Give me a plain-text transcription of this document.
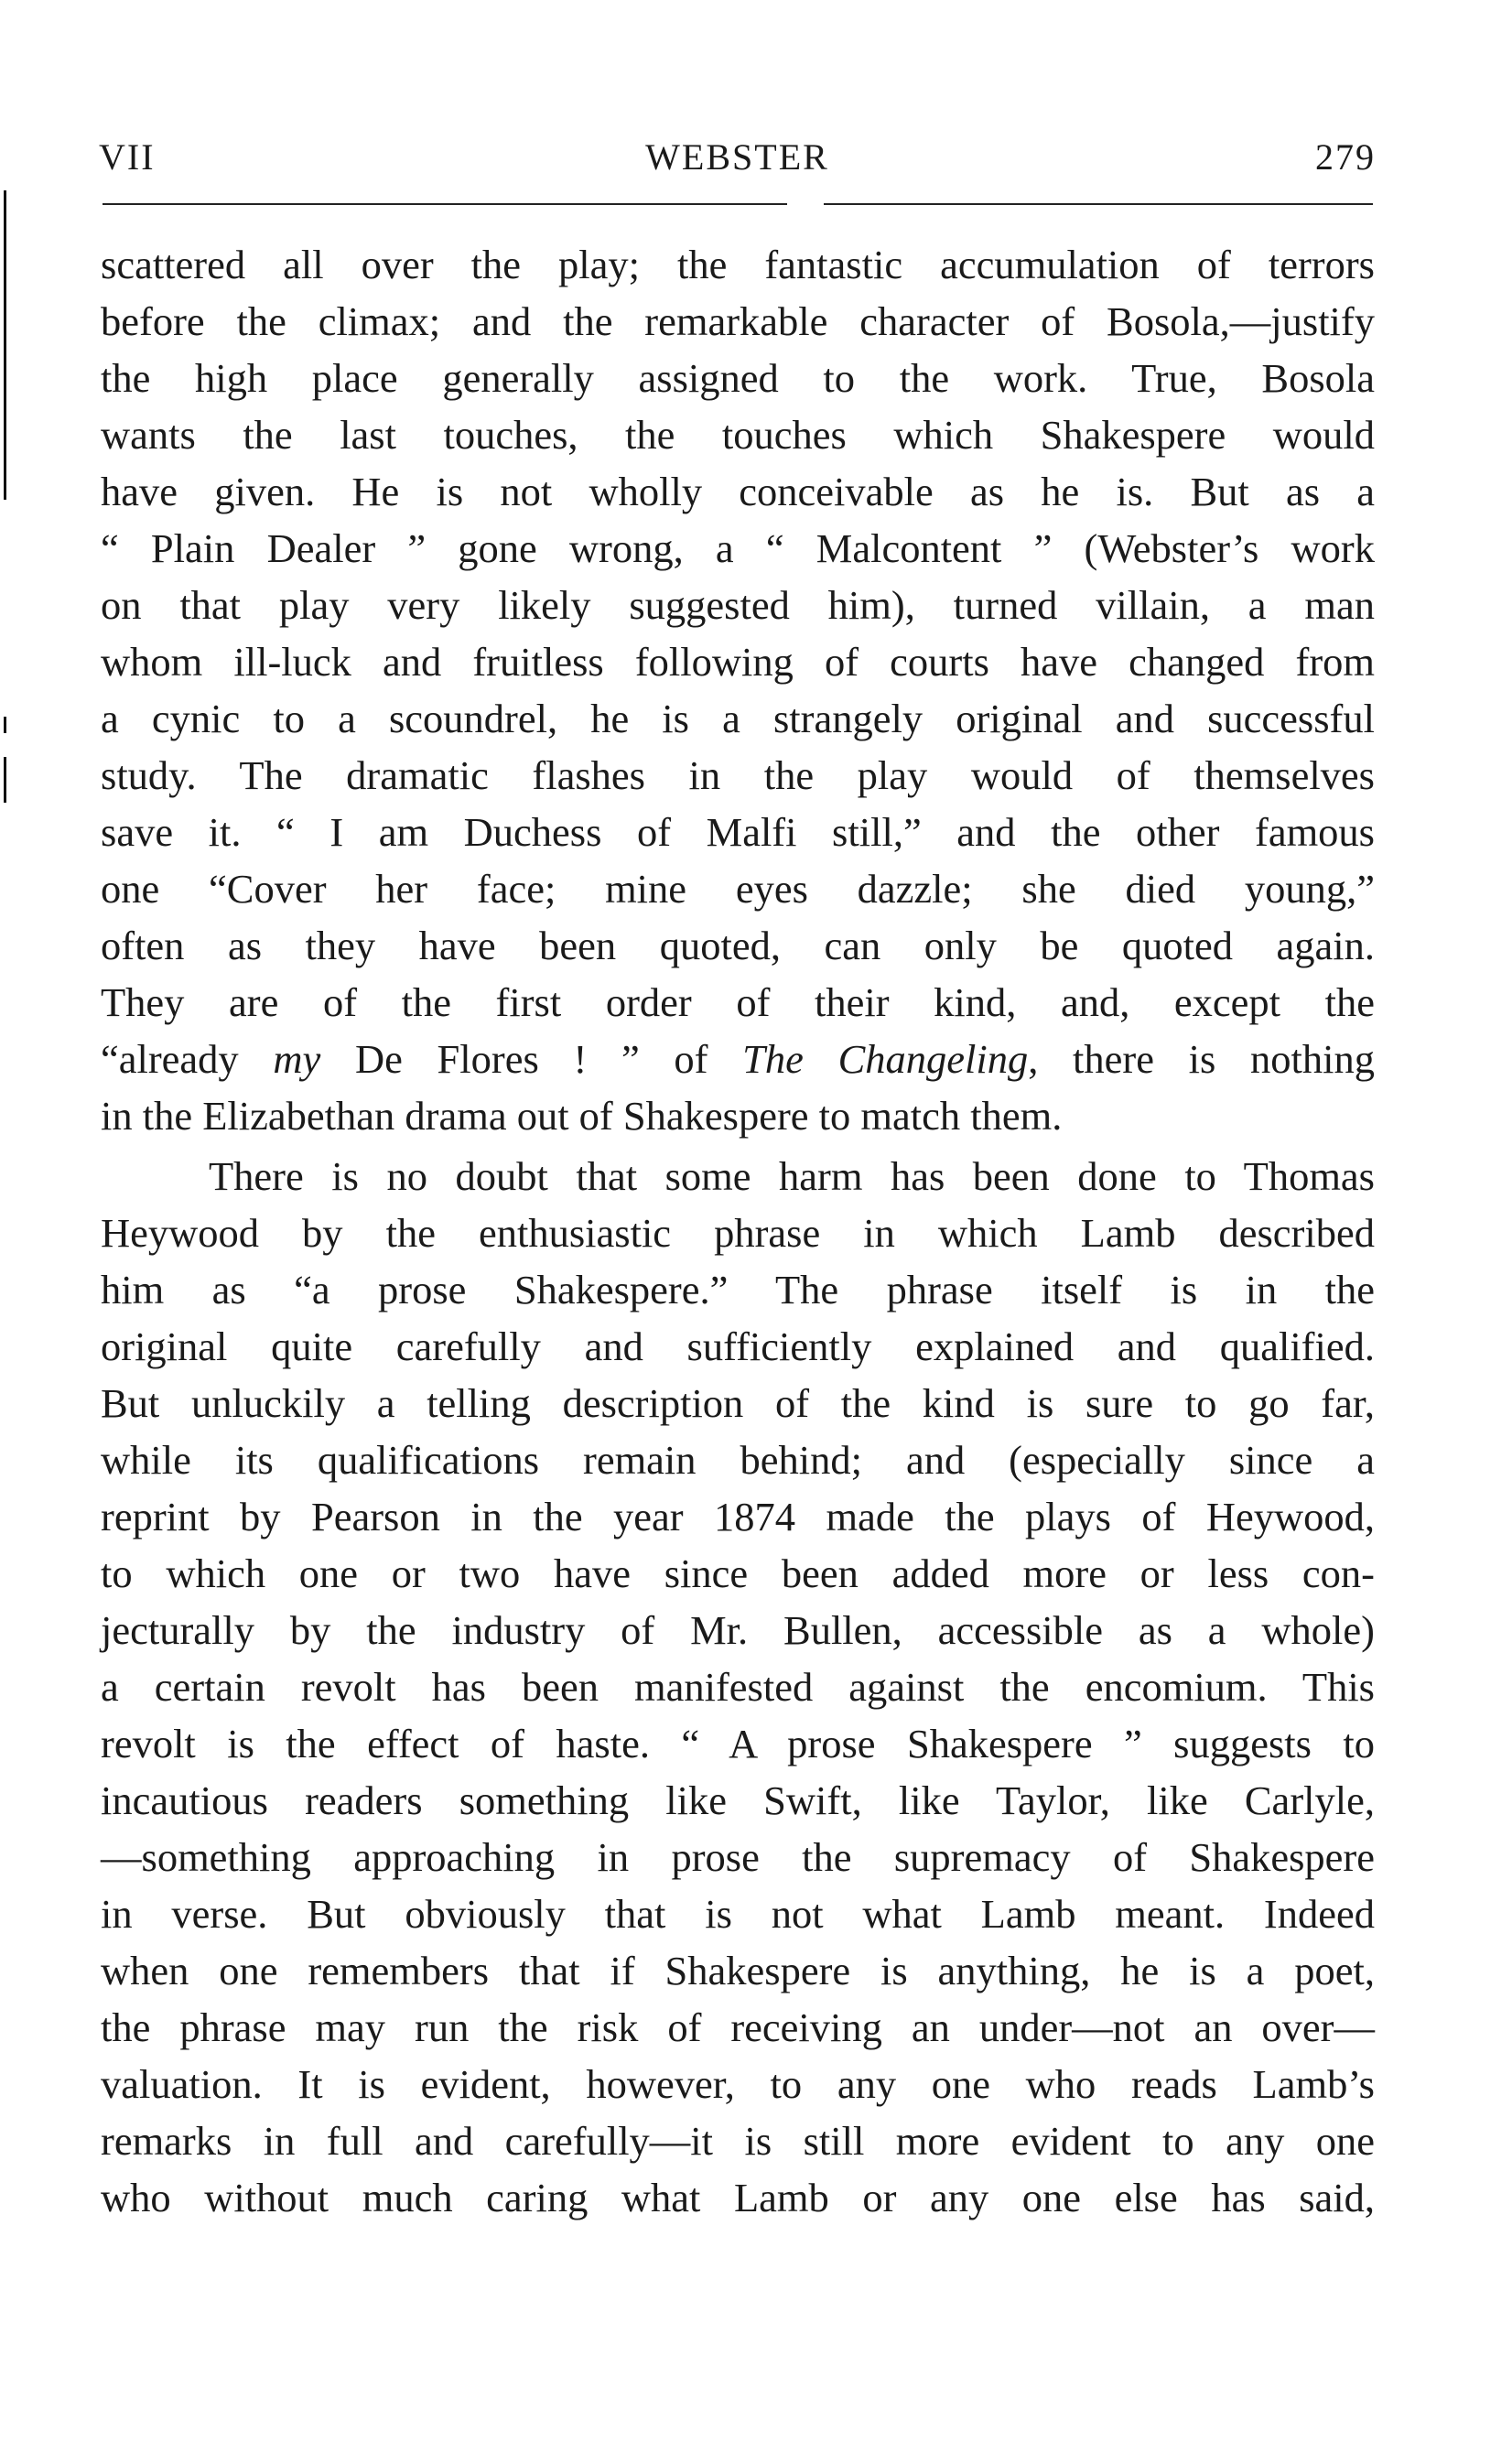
VII	WEBSTER	279
scattered all over the play; the fantastic accumulation of terrors
before the climax; and the remarkable character of Bosola,—justify
the high place generally assigned to the work. True, Bosola
wants the last touches, the touches which Shakespere would
have given. He is not wholly conceivable as he is. But as a
“ Plain Dealer ” gone wrong, a “ Malcontent ” (Webster’s work
on that play very likely suggested him), turned villain, a man
whom ill-luck and fruitless following of courts have changed from
a cynic to a scoundrel, he is a strangely original and successful
study. The dramatic flashes in the play would of themselves
save it. “ I am Duchess of Malfi still,” and the other famous
one “Cover her face; mine eyes dazzle; she died young,”
often as they have been quoted, can only be quoted again.
They are of the first order of their kind, and, except the
“already my De Flores ! ” of The Changeling, there is nothing
in the Elizabethan drama out of Shakespere to match them.
There is no doubt that some harm has been done to Thomas
Heywood by the enthusiastic phrase in which Lamb described
him as “a prose Shakespere.” The phrase itself is in the
original quite carefully and sufficiently explained and qualified.
But unluckily a telling description of the kind is sure to go far,
while its qualifications remain behind; and (especially since a
reprint by Pearson in the year 1874 made the plays of Heywood,
to which one or two have since been added more or less con-
jecturally by the industry of Mr. Bullen, accessible as a whole)
a certain revolt has been manifested against the encomium. This
revolt is the effect of haste. “ A prose Shakespere ” suggests to
incautious readers something like Swift, like Taylor, like Carlyle,
—something approaching in prose the supremacy of Shakespere
in verse. But obviously that is not what Lamb meant. Indeed
when one remembers that if Shakespere is anything, he is a poet,
the phrase may run the risk of receiving an under—not an over—
valuation. It is evident, however, to any one who reads Lamb’s
remarks in full and carefully—it is still more evident to any one
who without much caring what Lamb or any one else has said,
